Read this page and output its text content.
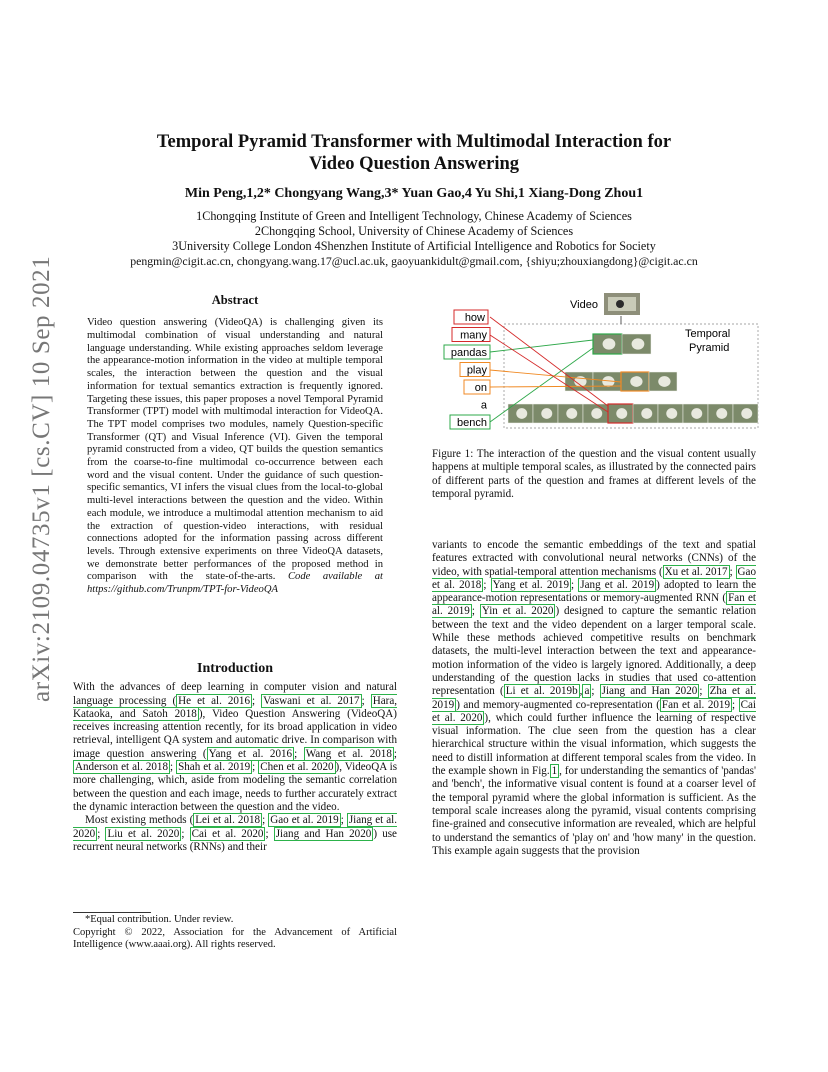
arXiv:2109.04735v1 [cs.CV] 10 Sep 2021
Temporal Pyramid Transformer with Multimodal Interaction for
Video Question Answering
Min Peng,1,2* Chongyang Wang,3* Yuan Gao,4 Yu Shi,1 Xiang-Dong Zhou1
1Chongqing Institute of Green and Intelligent Technology, Chinese Academy of Sciences
2Chongqing School, University of Chinese Academy of Sciences
3University College London 4Shenzhen Institute of Artificial Intelligence and Robotics for Society
pengmin@cigit.ac.cn, chongyang.wang.17@ucl.ac.uk, gaoyuankidult@gmail.com, {shiyu;zhouxiangdong}@cigit.ac.cn
Abstract
Video question answering (VideoQA) is challenging given its multimodal combination of visual understanding and natural language understanding. While existing approaches seldom leverage the appearance-motion information in the video at multiple temporal scales, the interaction between the question and the visual information for textual semantics extraction is frequently ignored. Targeting these issues, this paper proposes a novel Temporal Pyramid Transformer (TPT) model with multimodal interaction for VideoQA. The TPT model comprises two modules, namely Question-specific Transformer (QT) and Visual Inference (VI). Given the temporal pyramid constructed from a video, QT builds the question semantics from the coarse-to-fine multimodal co-occurrence between each word and the visual content. Under the guidance of such question-specific semantics, VI infers the visual clues from the local-to-global multi-level interactions between the question and the video. Within each module, we introduce a multimodal attention mechanism to aid the extraction of question-video interactions, with residual connections adopted for the information passing across different levels. Through extensive experiments on three VideoQA datasets, we demonstrate better performances of the proposed method in comparison with the state-of-the-arts. Code available at https://github.com/Trunpm/TPT-for-VideoQA
Introduction

With the advances of deep learning in computer vision and natural language processing ( He et al. 2016 ; Vaswani et al. 2017 ; Hara, Kataoka, and Satoh 2018 ), Video Question Answering (VideoQA) receives increasing attention recently, for its broad application in video retrieval, intelligent QA system and automatic drive. In comparison with image question answering ( Yang et al. 2016 ; Wang et al. 2018 ; Anderson et al. 2018 ; Shah et al. 2019 ; Chen et al. 2020 ), VideoQA is more challenging, which, aside from modeling the semantic correlation between the question and each image, needs to further accurately extract the dynamic interaction between the question and the video.

Most existing methods ( Lei et al. 2018 ; Gao et al. 2019 ; Jiang et al. 2020 ; Liu et al. 2020 ; Cai et al. 2020 ; Jiang and Han 2020 ) use recurrent neural networks (RNNs) and their

*Equal contribution. Under review.
Copyright © 2022, Association for the Advancement of Artificial Intelligence (www.aaai.org). All rights reserved.
Video
Temporal
Pyramid
how
many
pandas
play
on
a
bench
Figure 1: The interaction of the question and the visual content usually happens at multiple temporal scales, as illustrated by the connected pairs of different parts of the question and frames at different levels of the temporal pyramid.

variants to encode the semantic embeddings of the text and spatial features extracted with convolutional neural networks (CNNs) of the video, with spatial-temporal attention mechanisms ( Xu et al. 2017 ; Gao et al. 2018 ; Yang et al. 2019 ; Jang et al. 2019 ) adopted to learn the appearance-motion representations or memory-augmented RNN ( Fan et al. 2019 ; Yin et al. 2020 ) designed to capture the semantic relation between the text and the video dependent on a larger temporal scale. While these methods achieved competitive results on benchmark datasets, the multi-level interaction between the text and appearance-motion information of the video is largely ignored. Additionally, a deep understanding of the question lacks in studies that used co-attention representation ( Li et al. 2019b , a ; Jiang and Han 2020 ; Zha et al. 2019 ) and memory-augmented co-representation ( Fan et al. 2019 ; Cai et al. 2020 ), which could further influence the learning of respective visual information. The clue seen from the question has a clear hierarchical structure within the visual information, which suggests the need to distill information at different temporal scales from the video. In the example shown in Fig. 1 , for understanding the semantics of 'pandas' and 'bench', the informative visual content is found at a coarser level of the temporal pyramid where the global information is sufficient. As the temporal scale increases along the pyramid, visual contents comprising fine-grained and consecutive information are revealed, which are helpful to understand the semantics of 'play on' and 'how many' in the question. This example again suggests that the provision
